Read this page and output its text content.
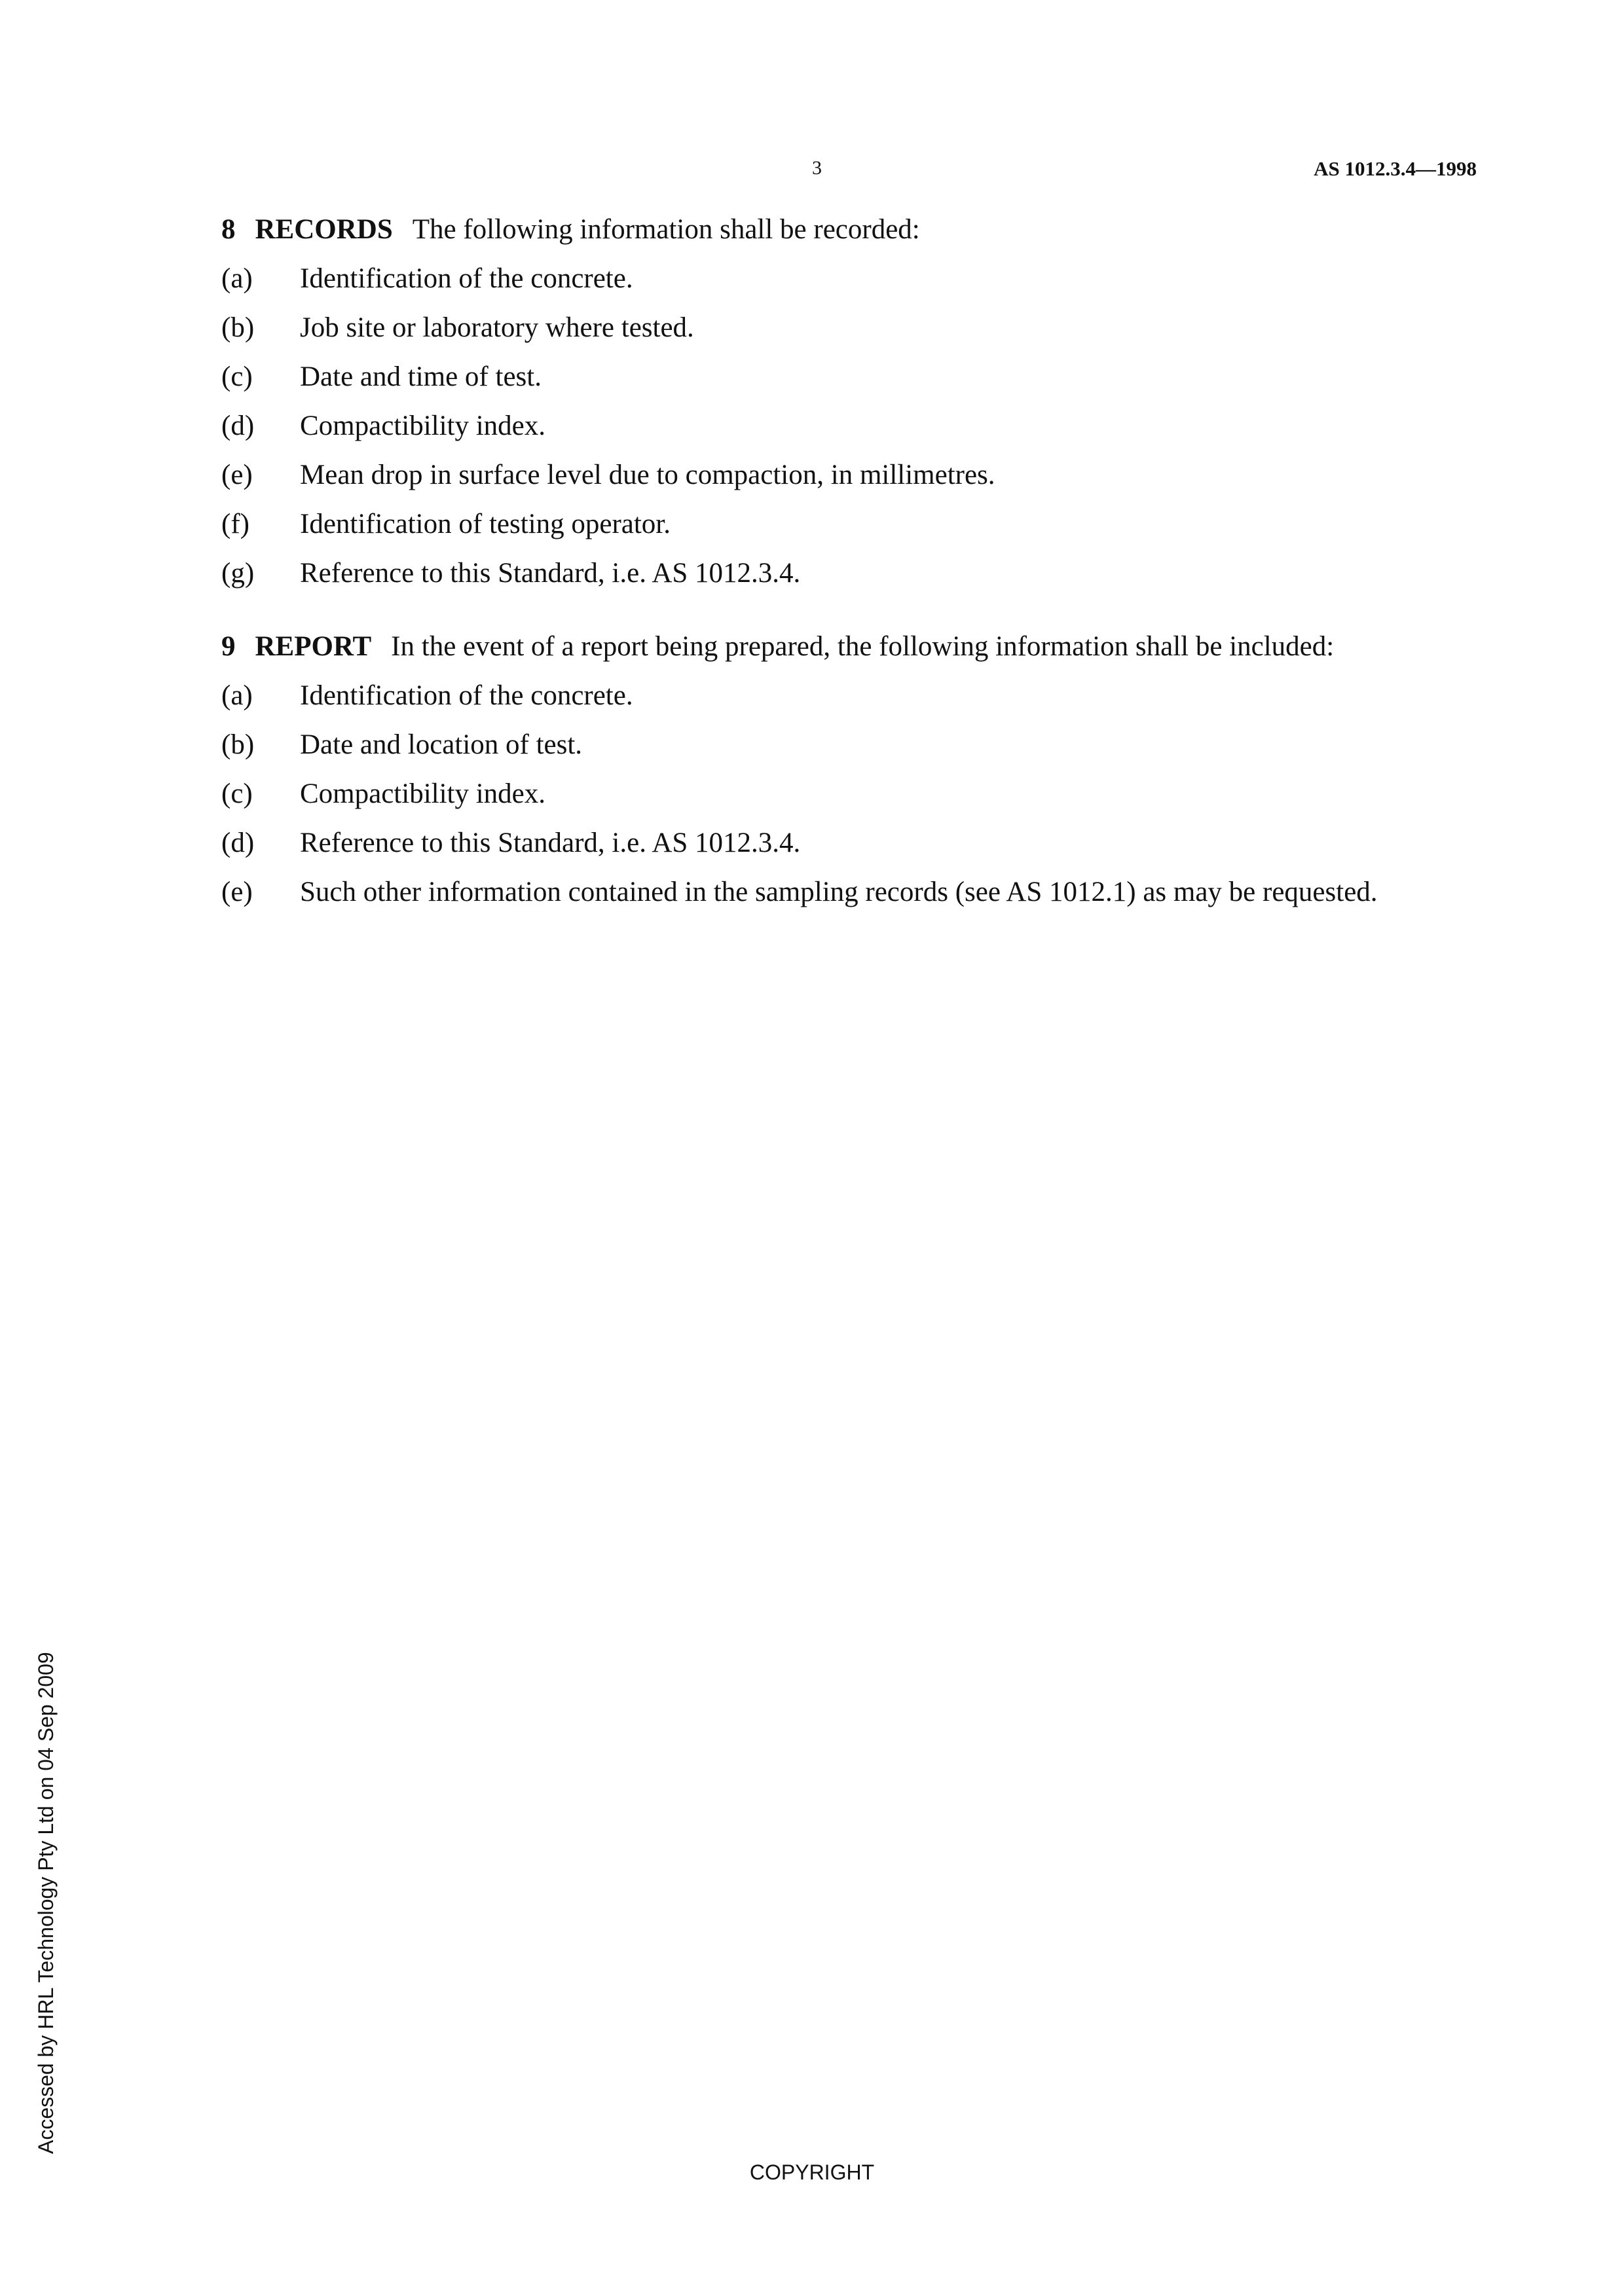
3	AS 1012.3.4—1998

8 RECORDS The following information shall be recorded:

(a)	Identification of the concrete.
(b)	Job site or laboratory where tested.
(c)	Date and time of test.
(d)	Compactibility index.
(e)	Mean drop in surface level due to compaction, in millimetres.
(f)	Identification of testing operator.
(g)	Reference to this Standard, i.e. AS 1012.3.4.

9 REPORT In the event of a report being prepared, the following information shall be included:

(a)	Identification of the concrete.
(b)	Date and location of test.
(c)	Compactibility index.
(d)	Reference to this Standard, i.e. AS 1012.3.4.
(e)	Such other information contained in the sampling records (see AS 1012.1) as may be requested.
Accessed by HRL Technology Pty Ltd on 04 Sep 2009
COPYRIGHT
